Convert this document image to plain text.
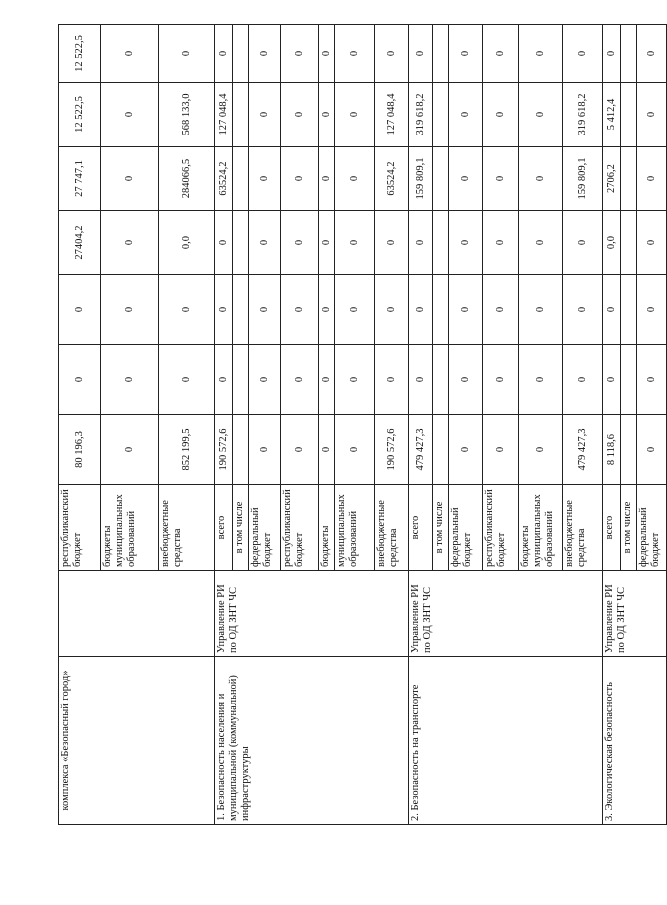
комплекса «Безопасный город»		республиканский бюджет	80 196,3	0	0	27404,2	27 747,1	12 522,5	12 522,5
		бюджеты муниципальных образований	0	0	0	0	0	0	0
		внебюджетные средства	852 199,5	0	0	0,0	284066,5	568 133,0	0
1. Безопасность населения и муниципальной (коммунальной) инфраструктуры	Управление РИ по ОД ЗНТ ЧС	всего	190 572,6	0	0	0	63524,2	127 048,4	0
		в том числе							
		федеральный бюджет	0	0	0	0	0	0	0
		республиканский бюджет	0	0	0	0	0	0	0
		бюджеты	0	0	0	0	0	0	0
		муниципальных образований	0	0	0	0	0	0	0
		внебюджетные средства	190 572,6	0	0	0	63524,2	127 048,4	0
2. Безопасность на транспорте	Управление РИ по ОД ЗНТ ЧС	всего	479 427,3	0	0	0	159 809,1	319 618,2	0
		в том числе							
		федеральный бюджет	0	0	0	0	0	0	0
		республиканский бюджет	0	0	0	0	0	0	0
		бюджеты муниципальных образований	0	0	0	0	0	0	0
		внебюджетные средства	479 427,3	0	0	0	159 809,1	319 618,2	0
3. Экологическая безопасность	Управление РИ по ОД ЗНТ ЧС	всего	8 118,6	0	0	0,0	2706,2	5 412,4	0
		в том числе							
		федеральный бюджет	0	0	0	0	0	0	0
